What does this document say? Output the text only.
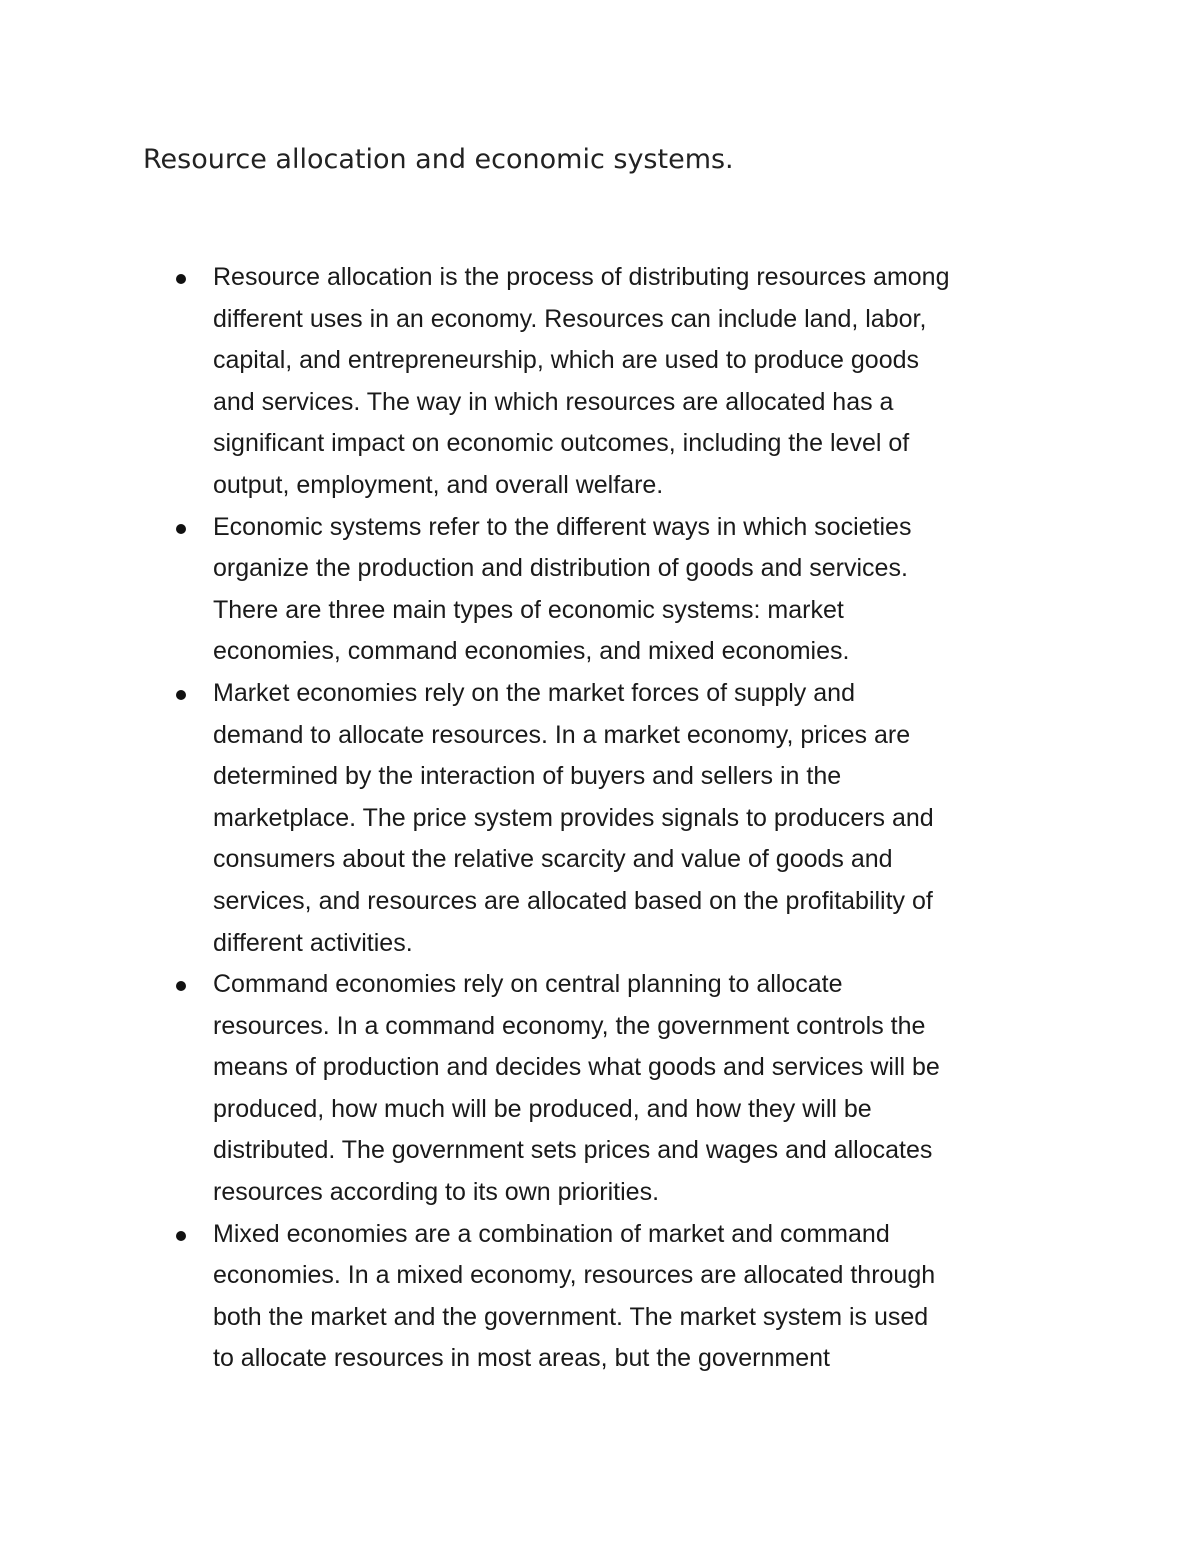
Resource allocation and economic systems.
Resource allocation is the process of distributing resources among
different uses in an economy. Resources can include land, labor,
capital, and entrepreneurship, which are used to produce goods
and services. The way in which resources are allocated has a
significant impact on economic outcomes, including the level of
output, employment, and overall welfare.
Economic systems refer to the different ways in which societies
organize the production and distribution of goods and services.
There are three main types of economic systems: market
economies, command economies, and mixed economies.
Market economies rely on the market forces of supply and
demand to allocate resources. In a market economy, prices are
determined by the interaction of buyers and sellers in the
marketplace. The price system provides signals to producers and
consumers about the relative scarcity and value of goods and
services, and resources are allocated based on the profitability of
different activities.
Command economies rely on central planning to allocate
resources. In a command economy, the government controls the
means of production and decides what goods and services will be
produced, how much will be produced, and how they will be
distributed. The government sets prices and wages and allocates
resources according to its own priorities.
Mixed economies are a combination of market and command
economies. In a mixed economy, resources are allocated through
both the market and the government. The market system is used
to allocate resources in most areas, but the government
